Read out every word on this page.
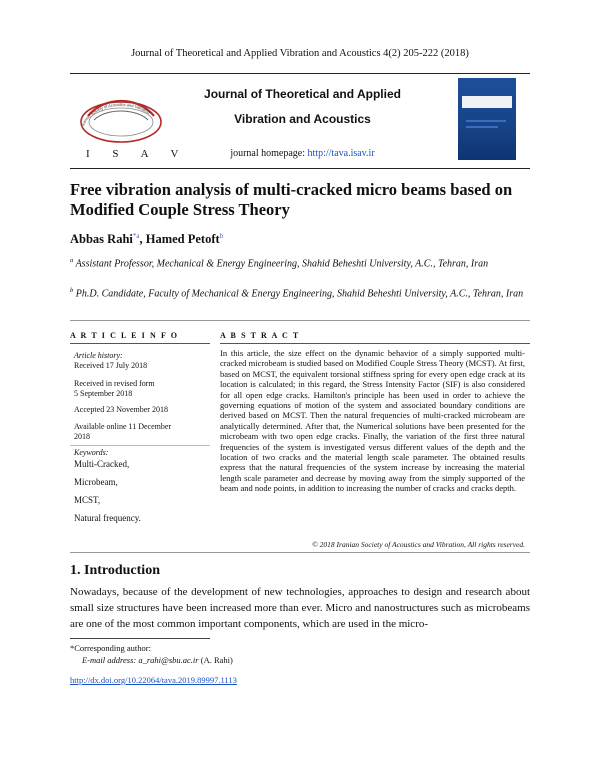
Journal of Theoretical and Applied Vibration and Acoustics 4(2) 205-222 (2018)
Iranian Society of Acoustics and Vibration
I S A V
Journal of Theoretical and Applied
Vibration and Acoustics
journal homepage: http://tava.isav.ir
Free vibration analysis of multi-cracked micro beams based on Modified Couple Stress Theory
Abbas Rahi$^{*a}$, Hamed Petoft$^b$
$^a$ Assistant Professor, Mechanical & Energy Engineering, Shahid Beheshti University, A.C., Tehran, Iran
$^b$ Ph.D. Candidate, Faculty of Mechanical & Energy Engineering, Shahid Beheshti University, A.C., Tehran, Iran
A R T I C L E I N F O
Article history:
Received 17 July 2018
Received in revised form
5 September 2018
Accepted 23 November 2018
Available online 11 December
2018
Keywords:
Multi-Cracked,
Microbeam,
MCST,
Natural frequency.
A B S T R A C T
In this article, the size effect on the dynamic behavior of a simply supported multi-cracked microbeam is studied based on Modified Couple Stress Theory (MCST). At first, based on MCST, the equivalent torsional stiffness spring for every open edge crack at its location is calculated; in this regard, the Stress Intensity Factor (SIF) is also considered for all open edge cracks. Hamilton's principle has been used in order to achieve the governing equations of motion of the system and associated boundary conditions are derived based on MCST. Then the natural frequencies of multi-cracked microbeam are analytically determined. After that, the Numerical solutions have been presented for the microbeam with two open edge cracks. Finally, the variation of the first three natural frequencies of the system is investigated versus different values of the depth and the location of two cracks and the material length scale parameter. The obtained results express that the natural frequencies of the system increase by increasing the material length scale parameter and decrease by moving away from the simply supported of the beam and node points, in addition to increasing the number of cracks and cracks depth.
© 2018 Iranian Society of Acoustics and Vibration, All rights reserved.
1. Introduction
Nowadays, because of the development of new technologies, approaches to design and research about small size structures have been increased more than ever. Micro and nanostructures such as microbeams are one of the most common important components, which are used in the micro-
*Corresponding author:
E-mail address: a_rahi@sbu.ac.ir (A. Rahi)
http://dx.doi.org/10.22064/tava.2019.89997.1113
